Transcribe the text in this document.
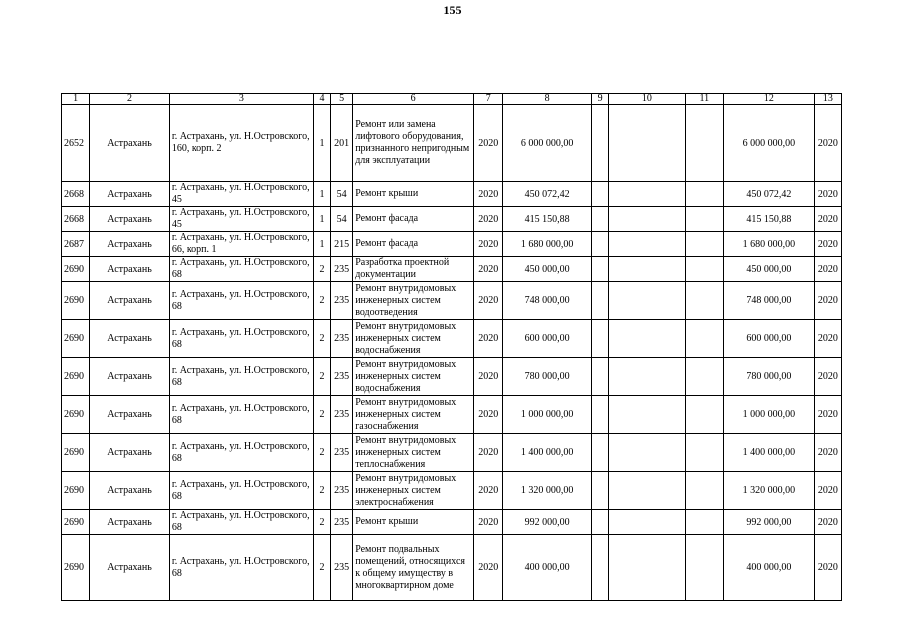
155
1	2	3	4	5	6	7	8	9	10	11	12	13
2652	Астрахань	г. Астрахань, ул. Н.Островского, 160, корп. 2	1	201	Ремонт или замена лифтового оборудования, признанного непригодным для эксплуатации	2020	6 000 000,00				6 000 000,00	2020
2668	Астрахань	г. Астрахань, ул. Н.Островского, 45	1	54	Ремонт крыши	2020	450 072,42				450 072,42	2020
2668	Астрахань	г. Астрахань, ул. Н.Островского, 45	1	54	Ремонт фасада	2020	415 150,88				415 150,88	2020
2687	Астрахань	г. Астрахань, ул. Н.Островского, 66, корп. 1	1	215	Ремонт фасада	2020	1 680 000,00				1 680 000,00	2020
2690	Астрахань	г. Астрахань, ул. Н.Островского, 68	2	235	Разработка проектной документации	2020	450 000,00				450 000,00	2020
2690	Астрахань	г. Астрахань, ул. Н.Островского, 68	2	235	Ремонт внутридомовых инженерных систем водоотведения	2020	748 000,00				748 000,00	2020
2690	Астрахань	г. Астрахань, ул. Н.Островского, 68	2	235	Ремонт внутридомовых инженерных систем водоснабжения	2020	600 000,00				600 000,00	2020
2690	Астрахань	г. Астрахань, ул. Н.Островского, 68	2	235	Ремонт внутридомовых инженерных систем водоснабжения	2020	780 000,00				780 000,00	2020
2690	Астрахань	г. Астрахань, ул. Н.Островского, 68	2	235	Ремонт внутридомовых инженерных систем газоснабжения	2020	1 000 000,00				1 000 000,00	2020
2690	Астрахань	г. Астрахань, ул. Н.Островского, 68	2	235	Ремонт внутридомовых инженерных систем теплоснабжения	2020	1 400 000,00				1 400 000,00	2020
2690	Астрахань	г. Астрахань, ул. Н.Островского, 68	2	235	Ремонт внутридомовых инженерных систем электроснабжения	2020	1 320 000,00				1 320 000,00	2020
2690	Астрахань	г. Астрахань, ул. Н.Островского, 68	2	235	Ремонт крыши	2020	992 000,00				992 000,00	2020
2690	Астрахань	г. Астрахань, ул. Н.Островского, 68	2	235	Ремонт подвальных помещений, относящихся к общему имуществу в многоквартирном доме	2020	400 000,00				400 000,00	2020
